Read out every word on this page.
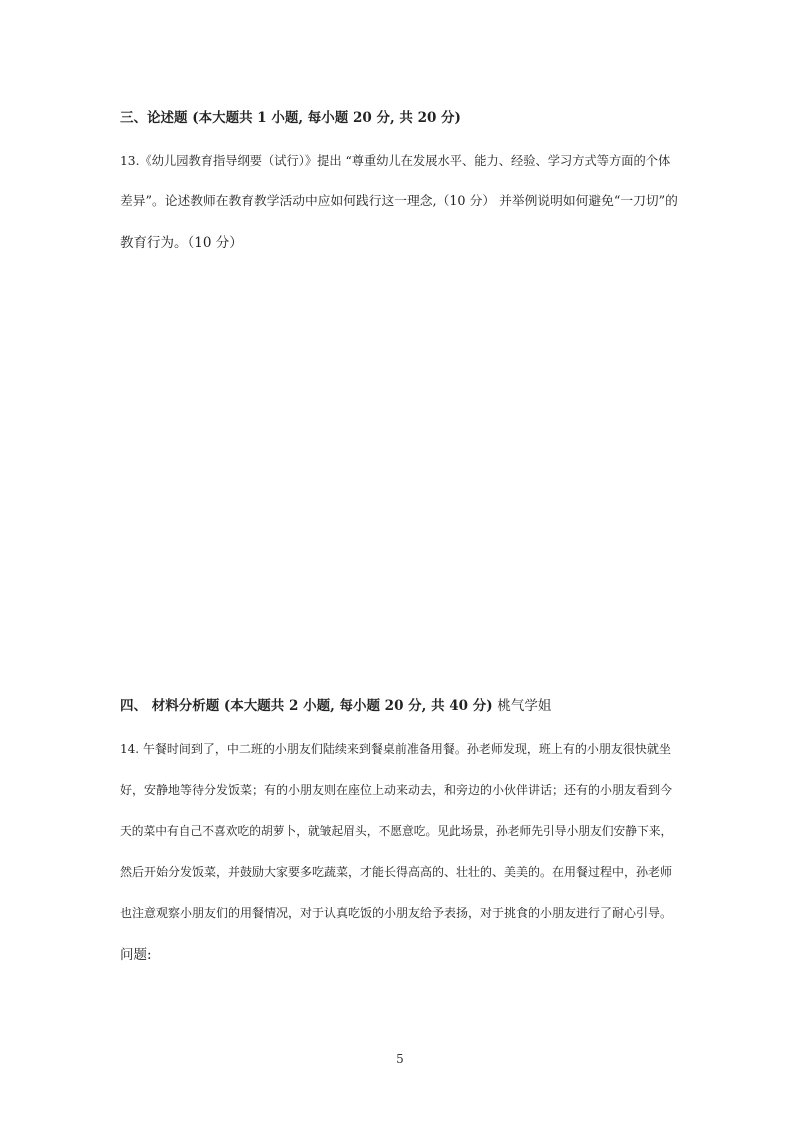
三、论述题 (本大题共 1 小题, 每小题 20 分, 共 20 分)
13.《幼儿园教育指导纲要（试行）》提出 “尊重幼儿在发展水平、能力、经验、学习方式等方面的个体
差异”。论述教师在教育教学活动中应如何践行这一理念,（10 分） 并举例说明如何避免“一刀切”的
教育行为。（10 分）
四、 材料分析题 (本大题共 2 小题, 每小题 20 分, 共 40 分) 桃气学姐
14. 午餐时间到了，中二班的小朋友们陆续来到餐桌前准备用餐。孙老师发现，班上有的小朋友很快就坐
好，安静地等待分发饭菜；有的小朋友则在座位上动来动去，和旁边的小伙伴讲话；还有的小朋友看到今
天的菜中有自己不喜欢吃的胡萝卜，就皱起眉头，不愿意吃。见此场景，孙老师先引导小朋友们安静下来，
然后开始分发饭菜，并鼓励大家要多吃蔬菜，才能长得高高的、壮壮的、美美的。在用餐过程中，孙老师
也注意观察小朋友们的用餐情况，对于认真吃饭的小朋友给予表扬，对于挑食的小朋友进行了耐心引导。
问题:
5
